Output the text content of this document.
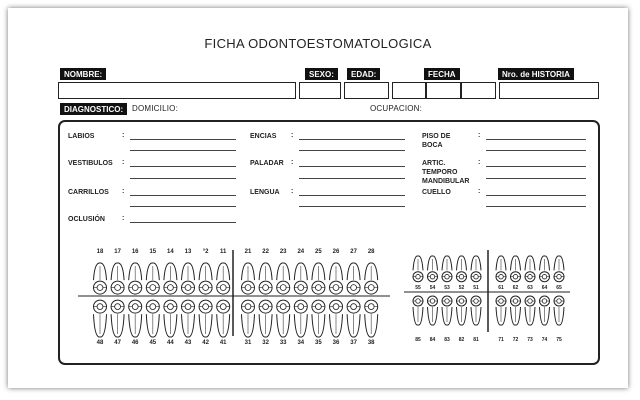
FICHA ODONTOESTOMATOLOGICA
NOMBRE:	SEXO:	EDAD:	FECHA	Nro. de HISTORIA
DIAGNOSTICO:	DOMICILIO:	OCUPACION:
LABIOS	:
VESTIBULOS :
CARRILLOS :
OCLUSIÓN :
ENCIAS :
PALADAR :
LENGUA :
PISO DE
BOCA
:
ARTIC.
TEMPORO
MANDIBULAR
:
CUELLO	:
18	17	16	15	14	13	°2	11	21	22	23	24	25	26	27	28
48	47	46	45	44	43	42	41	31	32	33	34	35	36	37	38
55	54	53	52	51	61	62	63	64	65
85	84	83	82	81	71	72	73	74	75
